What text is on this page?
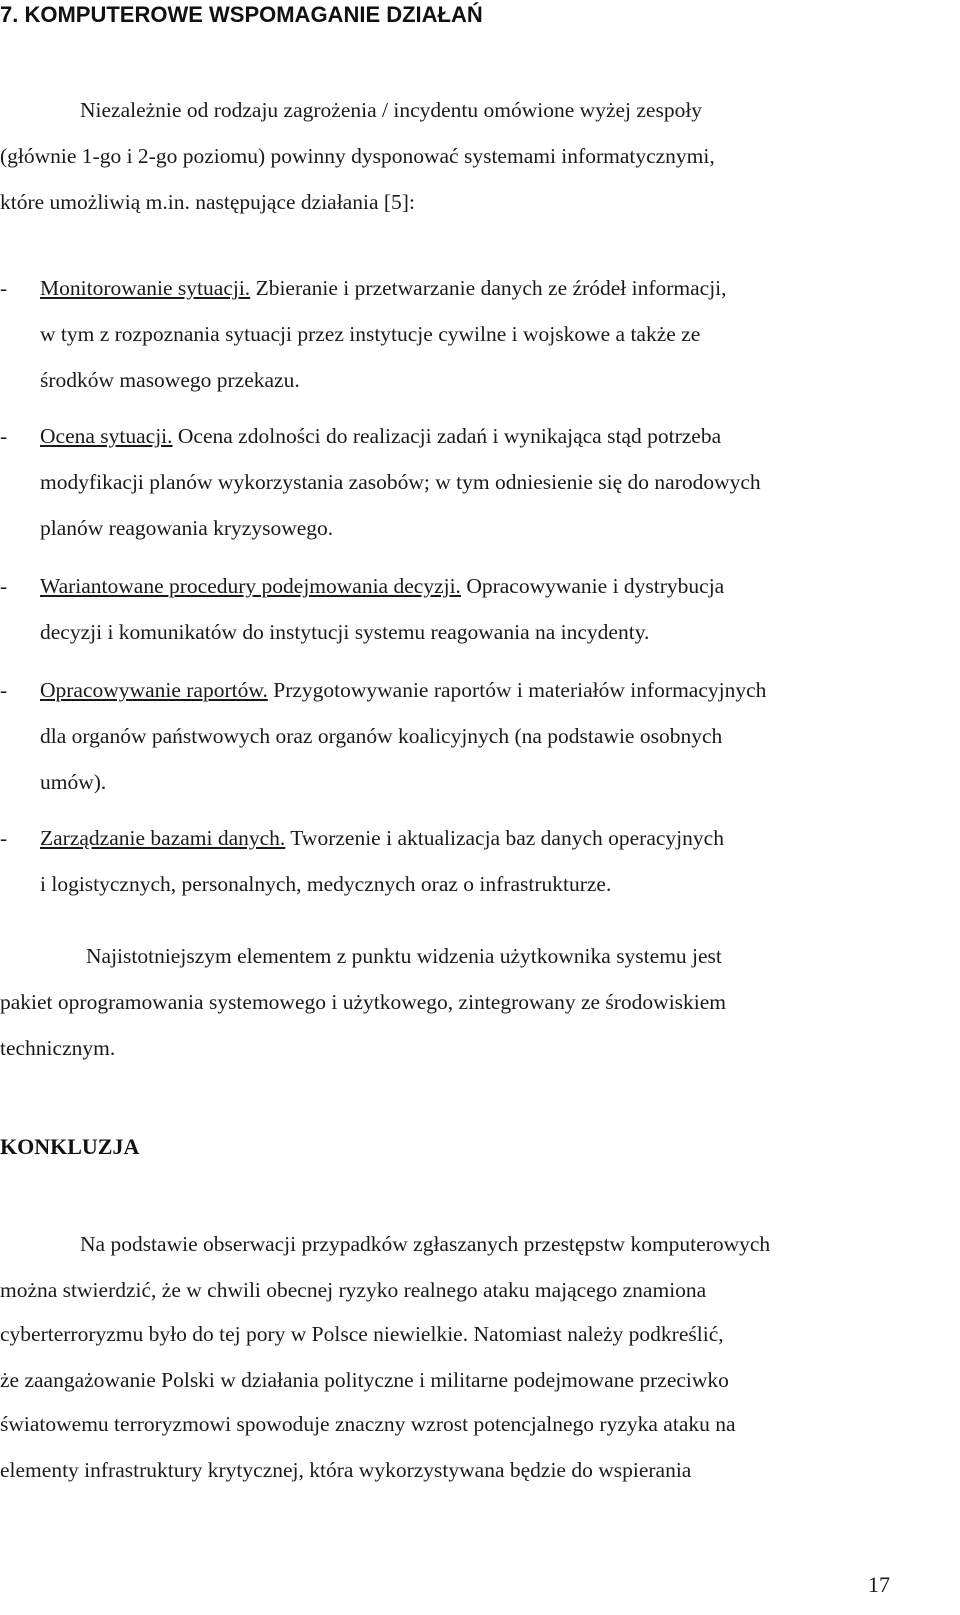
7. KOMPUTEROWE WSPOMAGANIE DZIAŁAŃ
Niezależnie od rodzaju zagrożenia / incydentu omówione wyżej zespoły
(głównie 1-go i 2-go poziomu) powinny dysponować systemami informatycznymi,
które umożliwią m.in. następujące działania [5]:
- Monitorowanie sytuacji. Zbieranie i przetwarzanie danych ze źródeł informacji,
w tym z rozpoznania sytuacji przez instytucje cywilne i wojskowe a także ze
środków masowego przekazu.
- Ocena sytuacji. Ocena zdolności do realizacji zadań i wynikająca stąd potrzeba
modyfikacji planów wykorzystania zasobów; w tym odniesienie się do narodowych
planów reagowania kryzysowego.
- Wariantowane procedury podejmowania decyzji. Opracowywanie i dystrybucja
decyzji i komunikatów do instytucji systemu reagowania na incydenty.
- Opracowywanie raportów. Przygotowywanie raportów i materiałów informacyjnych
dla organów państwowych oraz organów koalicyjnych (na podstawie osobnych
umów).
- Zarządzanie bazami danych. Tworzenie i aktualizacja baz danych operacyjnych
i logistycznych, personalnych, medycznych oraz o infrastrukturze.
Najistotniejszym elementem z punktu widzenia użytkownika systemu jest
pakiet oprogramowania systemowego i użytkowego, zintegrowany ze środowiskiem
technicznym.
KONKLUZJA
Na podstawie obserwacji przypadków zgłaszanych przestępstw komputerowych
można stwierdzić, że w chwili obecnej ryzyko realnego ataku mającego znamiona
cyberterroryzmu było do tej pory w Polsce niewielkie. Natomiast należy podkreślić,
że zaangażowanie Polski w działania polityczne i militarne podejmowane przeciwko
światowemu terroryzmowi spowoduje znaczny wzrost potencjalnego ryzyka ataku na
elementy infrastruktury krytycznej, która wykorzystywana będzie do wspierania
17
